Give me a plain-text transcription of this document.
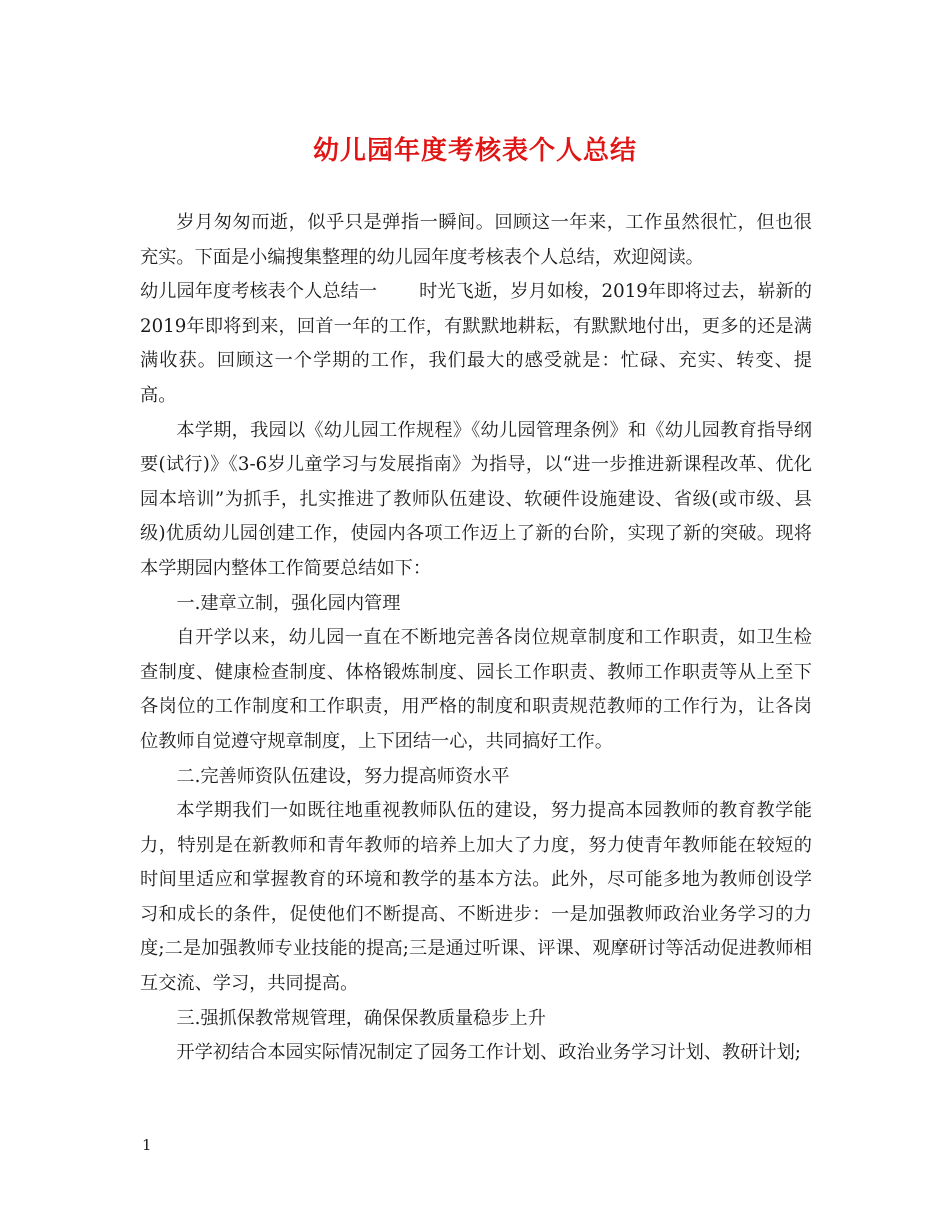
幼儿园年度考核表个人总结

岁月匆匆而逝，似乎只是弹指一瞬间。回顾这一年来，工作虽然很忙，但也很充实。下面是小编搜集整理的幼儿园年度考核表个人总结，欢迎阅读。

幼儿园年度考核表个人总结一 时光飞逝，岁月如梭，2019年即将过去，崭新的2019年即将到来，回首一年的工作，有默默地耕耘，有默默地付出，更多的还是满满收获。回顾这一个学期的工作，我们最大的感受就是：忙碌、充实、转变、提高。

本学期，我园以《幼儿园工作规程》《幼儿园管理条例》和《幼儿园教育指导纲要(试行)》《3-6岁儿童学习与发展指南》为指导，以“进一步推进新课程改革、优化园本培训”为抓手，扎实推进了教师队伍建设、软硬件设施建设、省级(或市级、县级)优质幼儿园创建工作，使园内各项工作迈上了新的台阶，实现了新的突破。现将本学期园内整体工作简要总结如下：

一.建章立制，强化园内管理

自开学以来，幼儿园一直在不断地完善各岗位规章制度和工作职责，如卫生检查制度、健康检查制度、体格锻炼制度、园长工作职责、教师工作职责等从上至下各岗位的工作制度和工作职责，用严格的制度和职责规范教师的工作行为，让各岗位教师自觉遵守规章制度，上下团结一心，共同搞好工作。

二.完善师资队伍建设，努力提高师资水平

本学期我们一如既往地重视教师队伍的建设，努力提高本园教师的教育教学能力，特别是在新教师和青年教师的培养上加大了力度，努力使青年教师能在较短的时间里适应和掌握教育的环境和教学的基本方法。此外，尽可能多地为教师创设学习和成长的条件，促使他们不断提高、不断进步：一是加强教师政治业务学习的力度;二是加强教师专业技能的提高;三是通过听课、评课、观摩研讨等活动促进教师相互交流、学习，共同提高。

三.强抓保教常规管理，确保保教质量稳步上升

开学初结合本园实际情况制定了园务工作计划、政治业务学习计划、教研计划;

1
